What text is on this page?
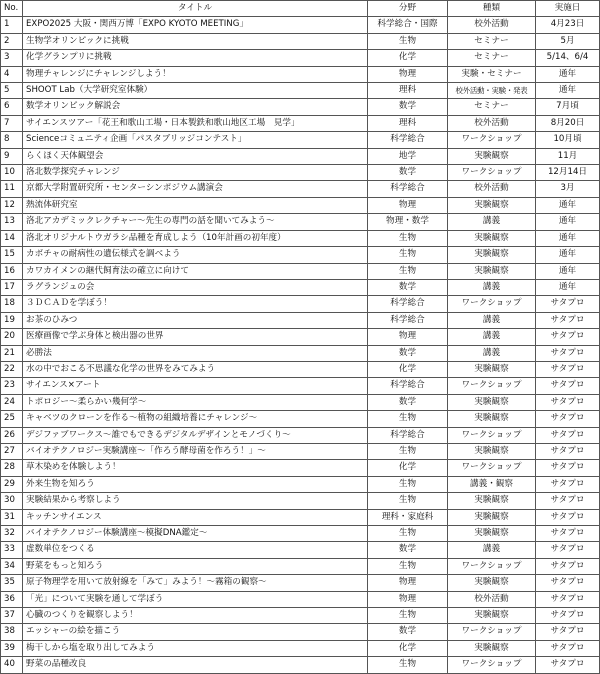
No.	タイトル	分野	種類	実施日
1	EXPO2025 大阪・関西万博「EXPO KYOTO MEETING」	科学総合・国際	校外活動	4月23日
2	生物学オリンピックに挑戦	生物	セミナー	5月
3	化学グランプリに挑戦	化学	セミナー	5/14、6/4
4	物理チャレンジにチャレンジしよう！	物理	実験・セミナー	通年
5	SHOOT Lab（大学研究室体験）	理科	校外活動・実験・発表	通年
6	数学オリンピック解説会	数学	セミナー	7月頃
7	サイエンスツアー「花王和歌山工場・日本製鉄和歌山地区工場　見学」	理科	校外活動	8月20日
8	Scienceコミュニティ企画「パスタブリッジコンテスト」	科学総合	ワークショップ	10月頃
9	らくほく天体観望会	地学	実験観察	11月
10	洛北数学探究チャレンジ	数学	ワークショップ	12月14日
11	京都大学附置研究所・センターシンポジウム講演会	科学総合	校外活動	3月
12	熱流体研究室	物理	実験観察	通年
13	洛北アカデミックレクチャー～先生の専門の話を聞いてみよう～	物理・数学	講義	通年
14	洛北オリジナルトウガラシ品種を育成しよう（10年計画の初年度）	生物	実験観察	通年
15	カボチャの耐病性の遺伝様式を調べよう	生物	実験観察	通年
16	カワカイメンの継代飼育法の確立に向けて	生物	実験観察	通年
17	ラグランジュの会	数学	講義	通年
18	３ＤＣＡＤを学ぼう！	科学総合	ワークショップ	サタプロ
19	お茶のひみつ	科学総合	講義	サタプロ
20	医療画像で学ぶ身体と検出器の世界	物理	講義	サタプロ
21	必勝法	数学	講義	サタプロ
22	水の中でおこる不思議な化学の世界をみてみよう	化学	実験観察	サタプロ
23	サイエンス×アート	科学総合	ワークショップ	サタプロ
24	トポロジー～柔らかい幾何学～	数学	実験観察	サタプロ
25	キャベツのクローンを作る～植物の組織培養にチャレンジ～	生物	実験観察	サタプロ
26	デジファブワークス～誰でもできるデジタルデザインとモノづくり～	科学総合	ワークショップ	サタプロ
27	バイオテクノロジー実験講座～「作ろう酵母菌を作ろう！」～	生物	実験観察	サタプロ
28	草木染めを体験しよう！	化学	ワークショップ	サタプロ
29	外来生物を知ろう	生物	講義・観察	サタプロ
30	実験結果から考察しよう	生物	実験観察	サタプロ
31	キッチンサイエンス	理科・家庭科	実験観察	サタプロ
32	バイオテクノロジー体験講座～模擬DNA鑑定～	生物	実験観察	サタプロ
33	虚数単位をつくる	数学	講義	サタプロ
34	野菜をもっと知ろう	生物	ワークショップ	サタプロ
35	原子物理学を用いて放射線を「みて」みよう！～霧箱の観察～	物理	実験観察	サタプロ
36	「光」について実験を通して学ぼう	物理	校外活動	サタプロ
37	心臓のつくりを観察しよう！	生物	実験観察	サタプロ
38	エッシャーの絵を描こう	数学	ワークショップ	サタプロ
39	梅干しから塩を取り出してみよう	化学	実験観察	サタプロ
40	野菜の品種改良	生物	ワークショップ	サタプロ
